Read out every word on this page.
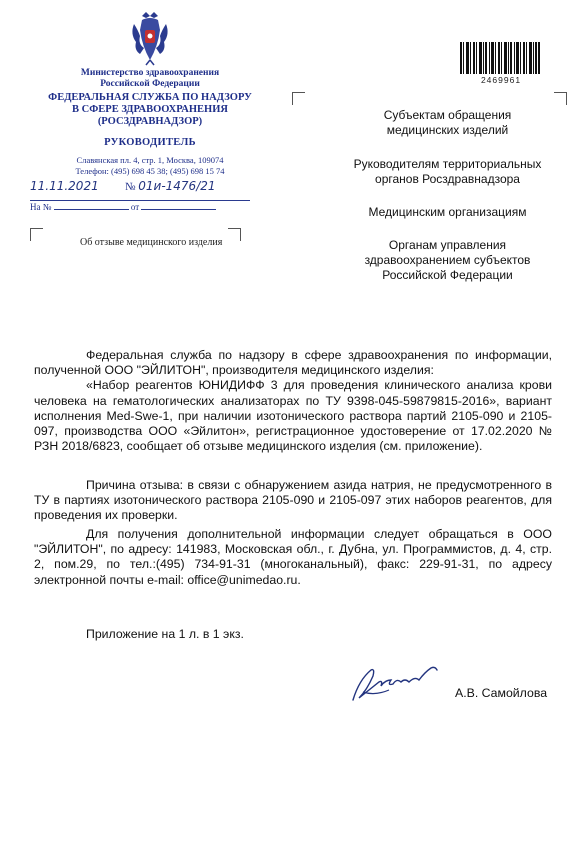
Министерство здравоохранения
Российской Федерации
ФЕДЕРАЛЬНАЯ СЛУЖБА ПО НАДЗОРУ
В СФЕРЕ ЗДРАВООХРАНЕНИЯ
(РОСЗДРАВНАДЗОР)
РУКОВОДИТЕЛЬ
Славянская пл. 4, стр. 1, Москва, 109074
Телефон: (495) 698 45 38; (495) 698 15 74
11.11.2021 № 01и-1476/21
На №	от
Об отзыве медицинского изделия
2469961
Субъектам обращения
медицинских изделий
Руководителям территориальных
органов Росздравнадзора
Медицинским организациям
Органам управления
здравоохранением субъектов
Российской Федерации
Федеральная служба по надзору в сфере здравоохранения по информации, полученной ООО "ЭЙЛИТОН", производителя медицинского изделия:
«Набор реагентов ЮНИДИФФ 3 для проведения клинического анализа крови человека на гематологических анализаторах по ТУ 9398-045-59879815-2016», вариант исполнения Med-Swe-1, при наличии изотонического раствора партий 2105-090 и 2105-097, производства ООО «Эйлитон», регистрационное удостоверение от 17.02.2020 № РЗН 2018/6823, сообщает об отзыве медицинского изделия (см. приложение).
Причина отзыва: в связи с обнаружением азида натрия, не предусмотренного в ТУ в партиях изотонического раствора 2105-090 и 2105-097 этих наборов реагентов, для проведения их проверки.
Для получения дополнительной информации следует обращаться в ООО "ЭЙЛИТОН", по адресу: 141983, Московская обл., г. Дубна, ул. Программистов, д. 4, стр. 2, пом.29, по тел.:(495) 734-91-31 (многоканальный), факс: 229-91-31, по адресу электронной почты e-mail: office@unimedao.ru.
Приложение на 1 л. в 1 экз.
А.В. Самойлова
